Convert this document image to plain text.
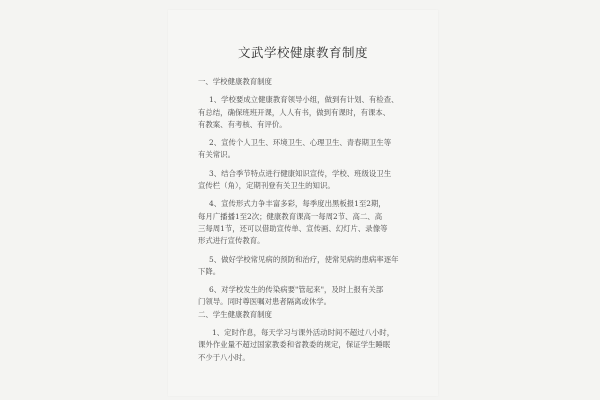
文武学校健康教育制度
一、学校健康教育制度
1、学校要成立健康教育领导小组，做到有计划、有检查、
有总结，确保班班开课，人人有书，做到有课时，有课本、
有教案、有考核、有评价。
2、宣传个人卫生、环境卫生、心理卫生、青春期卫生等
有关常识。
3、结合季节特点进行健康知识宣传，学校、班级设卫生
宣传栏（角），定期刊登有关卫生的知识。
4、宣传形式力争丰富多彩，每季度出黑板报1至2期，
每月广播播1至2次；健康教育课高一每周2节、高二、高
三每周1节，还可以借助宣传单、宣传画、幻灯片、录像等
形式进行宣传教育。
5、做好学校常见病的预防和治疗，使常见病的患病率逐年
下降。
6、对学校发生的传染病要"管起来"，及时上报有关部
门领导。同时尊医嘱对患者隔离或休学。
二、学生健康教育制度
1、定时作息，每天学习与课外活动时间不超过八小时，
课外作业量不超过国家教委和省教委的规定，保证学生睡眠
不少于八小时。
